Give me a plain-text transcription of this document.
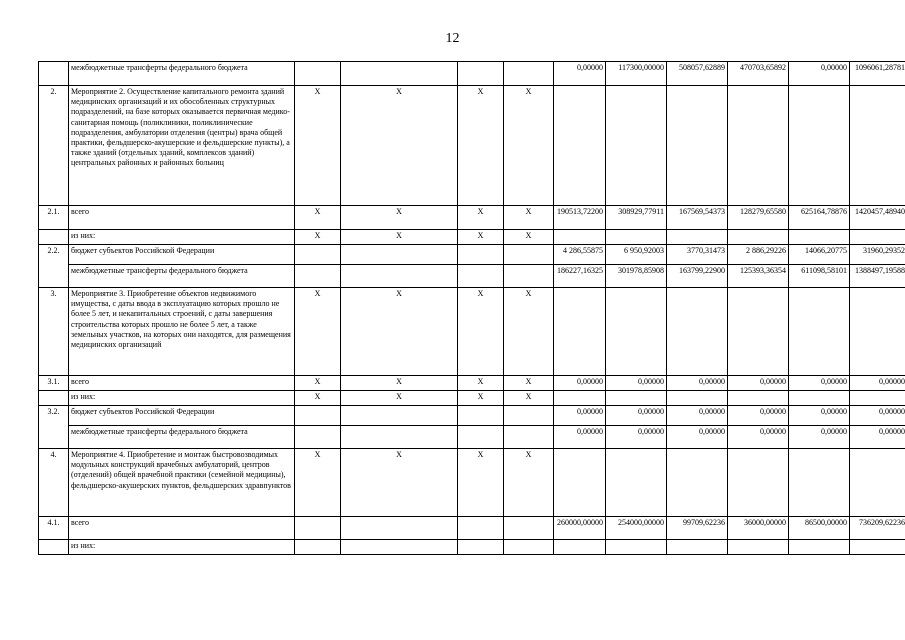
12
	межбюджетные трансферты федерального бюджета					0,00000	117300,00000	508057,62889	470703,65892	0,00000	1096061,28781
2.	Мероприятие 2. Осуществление капитального ремонта зданий медицинских организаций и их обособленных структурных подразделений, на базе которых оказывается первичная медико-санитарная помощь (поликлиники, поликлинические подразделения, амбулатории отделения (центры) врача общей практики, фельдшерско-акушерские и фельдшерские пункты), а также зданий (отдельных зданий, комплексов зданий) центральных районных и районных больниц	X	X	X	X						
2.1.	всего	X	X	X	X	190513,72200	308929,77911	167569,54373	128279,65580	625164,78876	1420457,48940
	из них:	X	X	X	X						
2.2.	бюджет субъектов Российской Федерации					4 286,55875	6 950,92003	3770,31473	2 886,29226	14066,20775	31960,29352
	межбюджетные трансферты федерального бюджета					186227,16325	301978,85908	163799,22900	125393,36354	611098,58101	1388497,19588
3.	Мероприятие 3. Приобретение объектов недвижимого имущества, с даты ввода в эксплуатацию которых прошло не более 5 лет, и некапитальных строений, с даты завершения строительства которых прошло не более 5 лет, а также земельных участков, на которых они находятся, для размещения медицинских организаций	X	X	X	X						
3.1.	всего	X	X	X	X	0,00000	0,00000	0,00000	0,00000	0,00000	0,00000
	из них:	X	X	X	X						
3.2.	бюджет субъектов Российской Федерации					0,00000	0,00000	0,00000	0,00000	0,00000	0,00000
	межбюджетные трансферты федерального бюджета					0,00000	0,00000	0,00000	0,00000	0,00000	0,00000
4.	Мероприятие 4. Приобретение и монтаж быстровозводимых модульных конструкций врачебных амбулаторий, центров (отделений) общей врачебной практики (семейной медицины), фельдшерско-акушерских пунктов, фельдшерских здравпунктов	X	X	X	X						
4.1.	всего					260000,00000	254000,00000	99709,62236	36000,00000	86500,00000	736209,62236
	из них:										
